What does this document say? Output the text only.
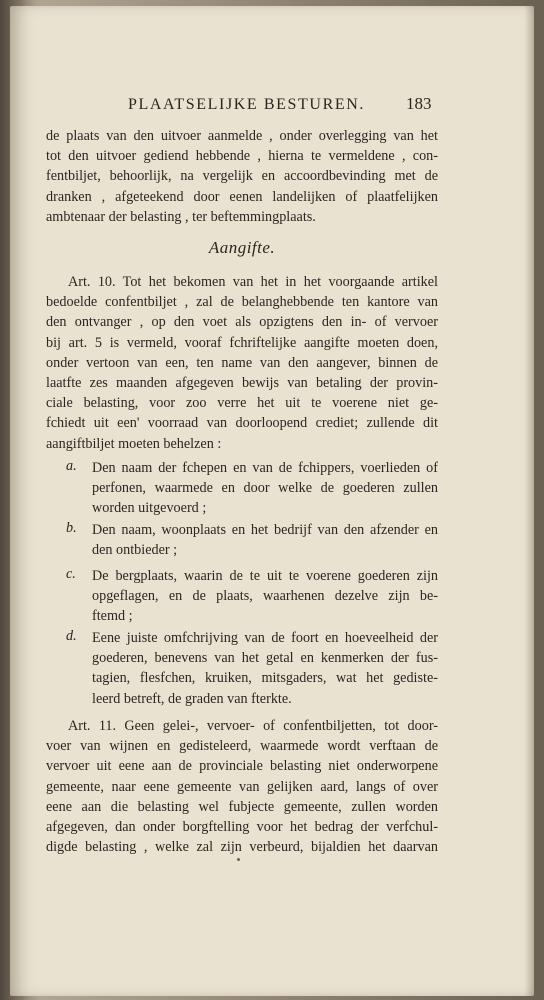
PLAATSELIJKE BESTUREN.	183
de plaats van den uitvoer aanmelde , onder overlegging van het
tot den uitvoer gediend hebbende , hierna te vermeldene , con-
fentbiljet, behoorlijk, na vergelijk en accoordbevinding met de
dranken , afgeteekend door eenen landelijken of plaatfelijken
ambtenaar der belasting , ter beftemmingplaats.
Aangifte.
Art. 10. Tot het bekomen van het in het voorgaande artikel
bedoelde confentbiljet , zal de belanghebbende ten kantore van
den ontvanger , op den voet als opzigtens den in- of vervoer
bij art. 5 is vermeld, vooraf fchriftelijke aangifte moeten doen,
onder vertoon van een, ten name van den aangever, binnen de
laatfte zes maanden afgegeven bewijs van betaling der provin-
ciale belasting, voor zoo verre het uit te voerene niet ge-
fchiedt uit een' voorraad van doorloopend crediet; zullende dit
aangiftbiljet moeten behelzen :
a. Den naam der fchepen en van de fchippers, voerlieden of
perfonen, waarmede en door welke de goederen zullen
worden uitgevoerd ;
b. Den naam, woonplaats en het bedrijf van den afzender en
den ontbieder ;
c. De bergplaats, waarin de te uit te voerene goederen zijn
opgeflagen, en de plaats, waarhenen dezelve zijn be-
ftemd ;
d. Eene juiste omfchrijving van de foort en hoeveelheid der
goederen, benevens van het getal en kenmerken der fus-
tagien, flesfchen, kruiken, mitsgaders, wat het gediste-
leerd betreft, de graden van fterkte.
Art. 11. Geen gelei-, vervoer- of confentbiljetten, tot door-
voer van wijnen en gedisteleerd, waarmede wordt verftaan de
vervoer uit eene aan de provinciale belasting niet onderworpene
gemeente, naar eene gemeente van gelijken aard, langs of over
eene aan die belasting wel fubjecte gemeente, zullen worden
afgegeven, dan onder borgftelling voor het bedrag der verfchul-
digde belasting , welke zal zijn verbeurd, bijaldien het daarvan
